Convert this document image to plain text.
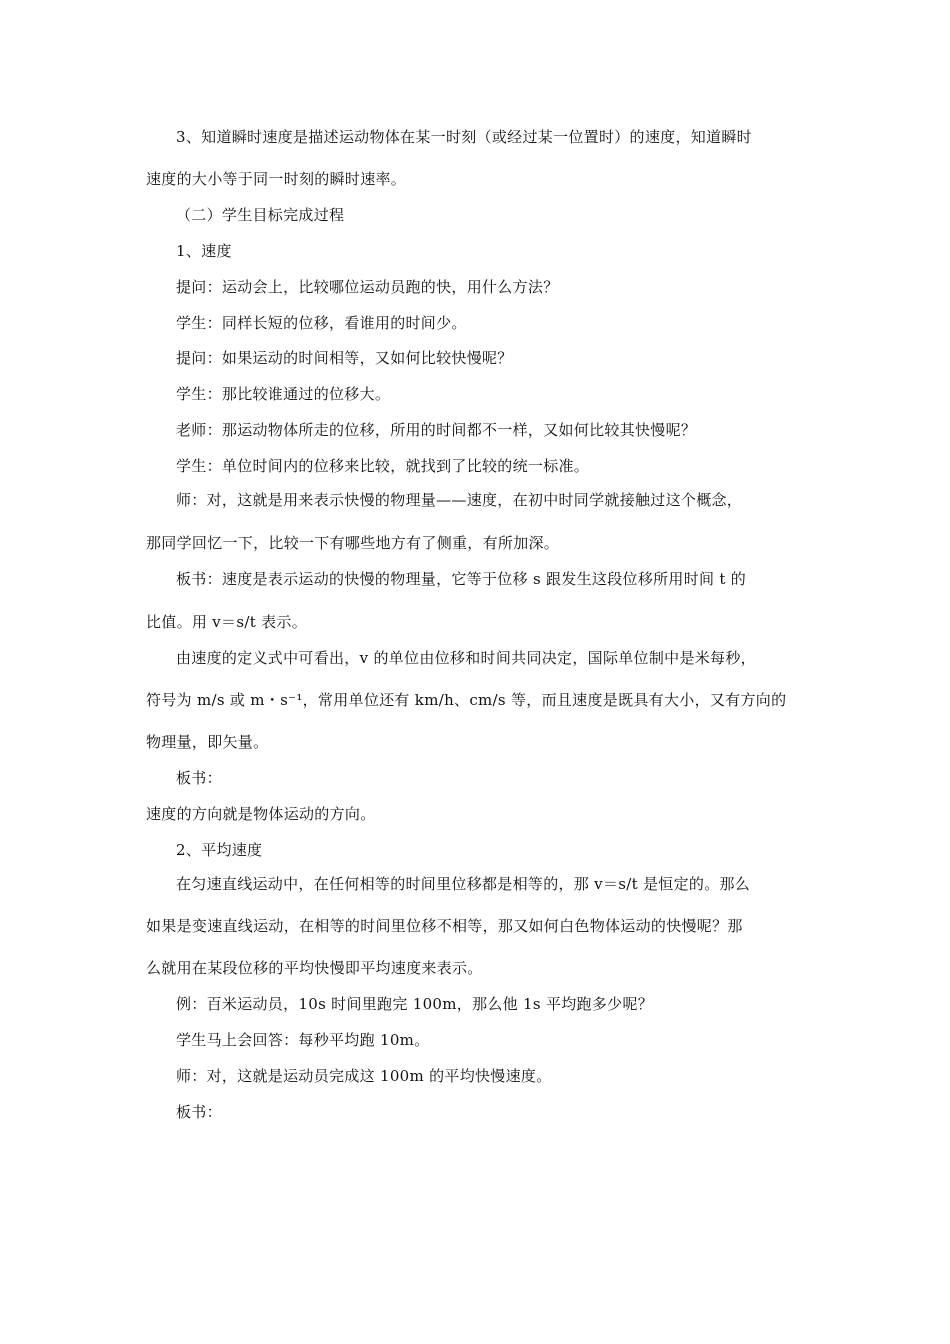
3、知道瞬时速度是描述运动物体在某一时刻（或经过某一位置时）的速度，知道瞬时
速度的大小等于同一时刻的瞬时速率。
（二）学生目标完成过程
1、速度
提问：运动会上，比较哪位运动员跑的快，用什么方法？
学生：同样长短的位移，看谁用的时间少。
提问：如果运动的时间相等，又如何比较快慢呢？
学生：那比较谁通过的位移大。
老师：那运动物体所走的位移，所用的时间都不一样，又如何比较其快慢呢？
学生：单位时间内的位移来比较，就找到了比较的统一标准。
师：对，这就是用来表示快慢的物理量——速度，在初中时同学就接触过这个概念，
那同学回忆一下，比较一下有哪些地方有了侧重，有所加深。
板书：速度是表示运动的快慢的物理量，它等于位移 s 跟发生这段位移所用时间 t 的
比值。用 v＝s/t 表示。
由速度的定义式中可看出，v 的单位由位移和时间共同决定，国际单位制中是米每秒，
符号为 m/s 或 m・s⁻¹，常用单位还有 km/h、cm/s 等，而且速度是既具有大小，又有方向的
物理量，即矢量。
板书：
速度的方向就是物体运动的方向。
2、平均速度
在匀速直线运动中，在任何相等的时间里位移都是相等的，那 v＝s/t 是恒定的。那么
如果是变速直线运动，在相等的时间里位移不相等，那又如何白色物体运动的快慢呢？那
么就用在某段位移的平均快慢即平均速度来表示。
例：百米运动员，10s 时间里跑完 100m，那么他 1s 平均跑多少呢？
学生马上会回答：每秒平均跑 10m。
师：对，这就是运动员完成这 100m 的平均快慢速度。
板书：
